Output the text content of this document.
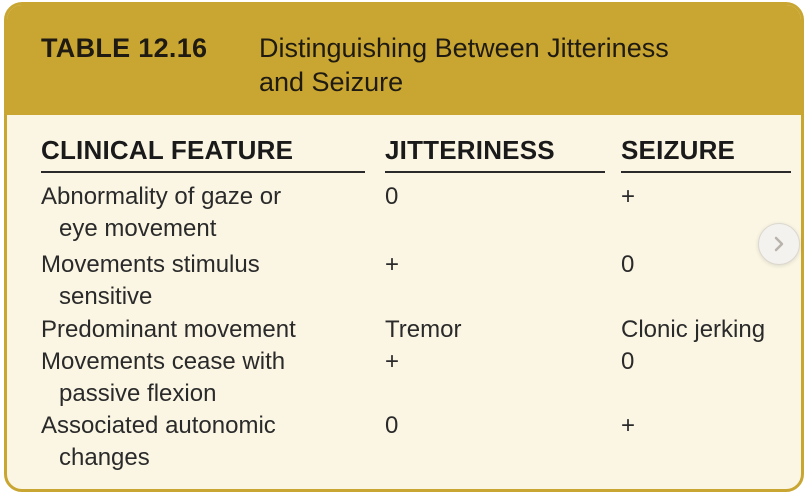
TABLE 12.16 Distinguishing Between Jitteriness
and Seizure
CLINICAL FEATURE	JITTERINESS	SEIZURE
Abnormality of gaze or
eye movement
0	+
Movements stimulus
sensitive
+	0
Predominant movement	Tremor	Clonic jerking
Movements cease with
passive flexion
+	0
Associated autonomic
changes
0	+
